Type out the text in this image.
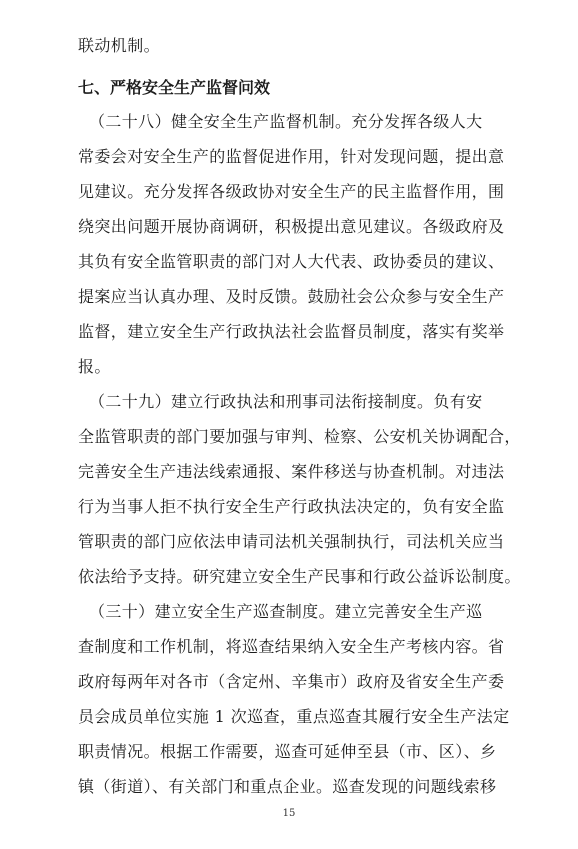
联动机制。
七、严格安全生产监督问效
（二十八）健全安全生产监督机制。充分发挥各级人大
常委会对安全生产的监督促进作用，针对发现问题，提出意
见建议。充分发挥各级政协对安全生产的民主监督作用，围
绕突出问题开展协商调研，积极提出意见建议。各级政府及
其负有安全监管职责的部门对人大代表、政协委员的建议、
提案应当认真办理、及时反馈。鼓励社会公众参与安全生产
监督，建立安全生产行政执法社会监督员制度，落实有奖举
报。
（二十九）建立行政执法和刑事司法衔接制度。负有安
全监管职责的部门要加强与审判、检察、公安机关协调配合，
完善安全生产违法线索通报、案件移送与协查机制。对违法
行为当事人拒不执行安全生产行政执法决定的，负有安全监
管职责的部门应依法申请司法机关强制执行，司法机关应当
依法给予支持。研究建立安全生产民事和行政公益诉讼制度。
（三十）建立安全生产巡查制度。建立完善安全生产巡
查制度和工作机制，将巡查结果纳入安全生产考核内容。省
政府每两年对各市（含定州、辛集市）政府及省安全生产委
员会成员单位实施 1 次巡查，重点巡查其履行安全生产法定
职责情况。根据工作需要，巡查可延伸至县（市、区）、乡
镇（街道）、有关部门和重点企业。巡查发现的问题线索移
15
